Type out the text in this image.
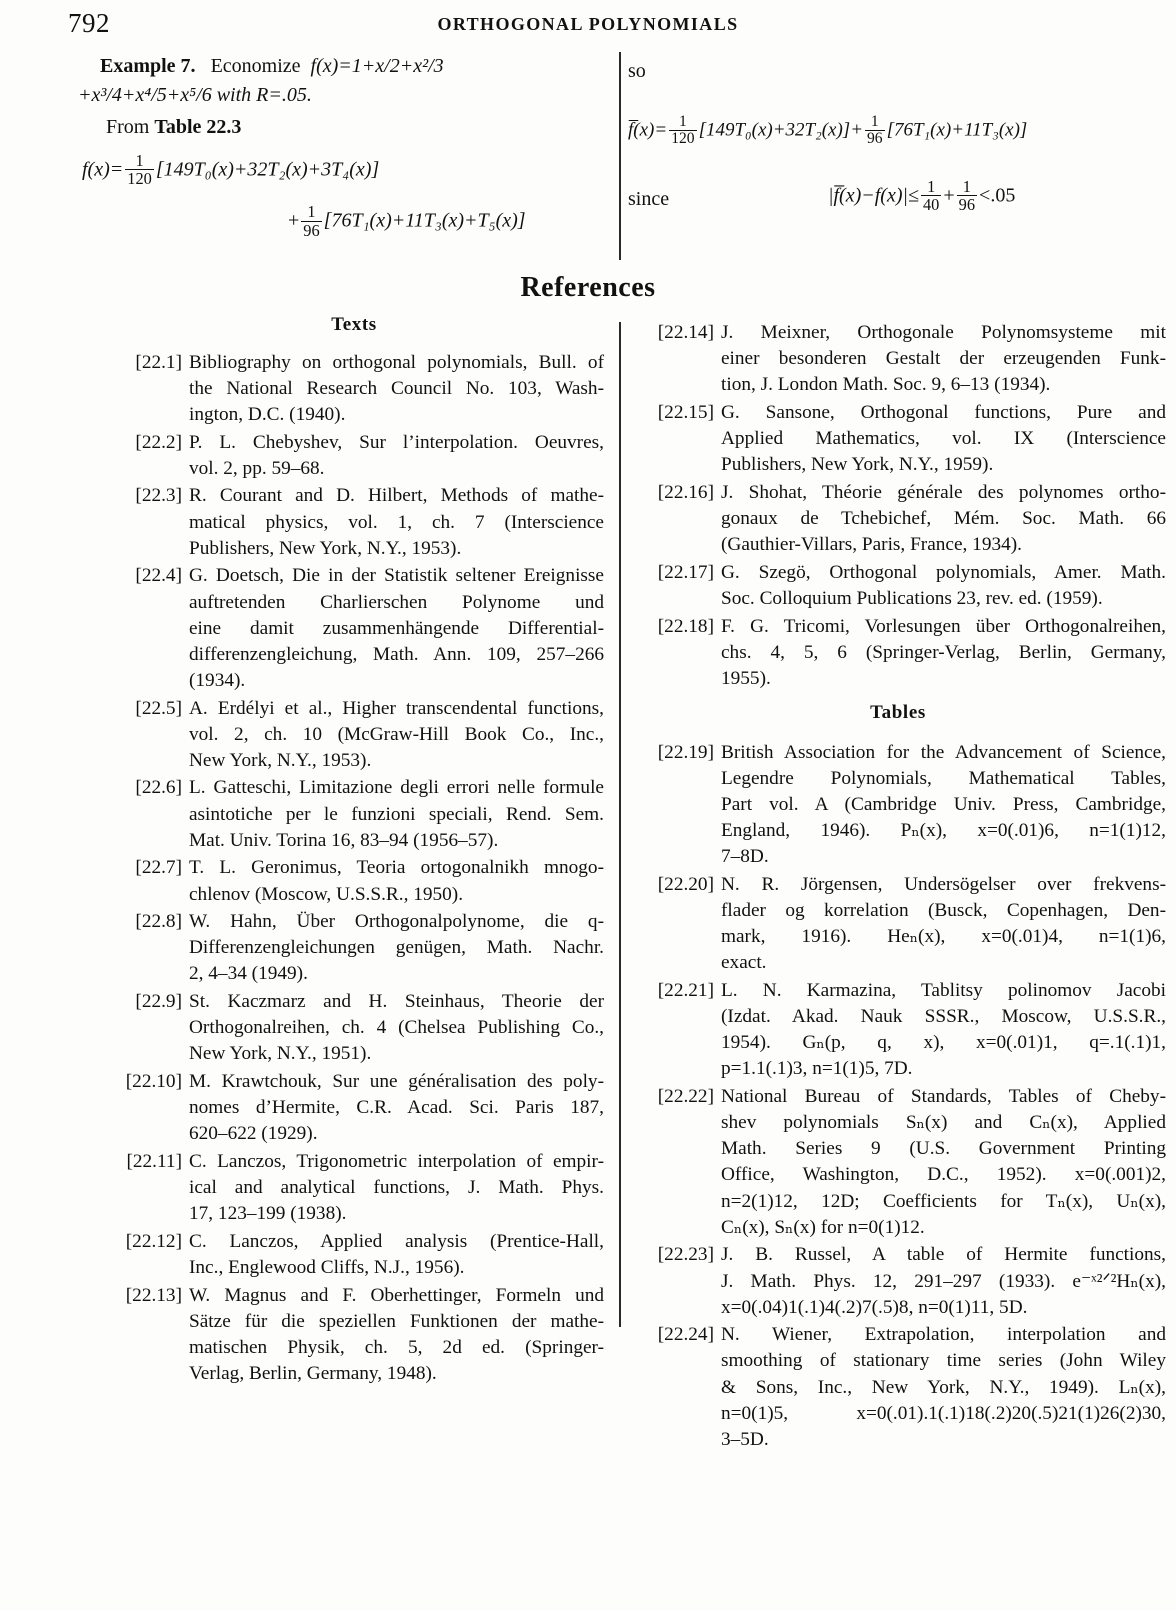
792	ORTHOGONAL POLYNOMIALS
Example 7. Economize f(x)=1+x/2+x²/3
+x³/4+x⁴/5+x⁵/6 with R=.05.
From Table 22.3
$f(x)= \frac{1}{120} [149T_0(x)+32T_2(x)+3T_4(x)]$
+ $\frac{1}{96} [76T_1(x)+11T_3(x)+T_5(x)]$
so
f̅(x)= $\frac{1}{120} [149T_0(x)+32T_2(x)]+ \frac{1}{96} [76T_1(x)+11T_3(x)]$
since	|f̅(x)−f(x)|≤ $\frac{1}{40} + \frac{1}{96} <.05$
References
Texts
[22.1] Bibliography on orthogonal polynomials, Bull. of
the National Research Council No. 103, Wash-
ington, D.C. (1940).
[22.2] P. L. Chebyshev, Sur l’interpolation. Oeuvres,
vol. 2, pp. 59–68.
[22.3] R. Courant and D. Hilbert, Methods of mathe-
matical physics, vol. 1, ch. 7 (Interscience
Publishers, New York, N.Y., 1953).
[22.4] G. Doetsch, Die in der Statistik seltener Ereignisse
auftretenden Charlierschen Polynome und
eine damit zusammenhängende Differential-
differenzengleichung, Math. Ann. 109, 257–266
(1934).
[22.5] A. Erdélyi et al., Higher transcendental functions,
vol. 2, ch. 10 (McGraw-Hill Book Co., Inc.,
New York, N.Y., 1953).
[22.6] L. Gatteschi, Limitazione degli errori nelle formule
asintotiche per le funzioni speciali, Rend. Sem.
Mat. Univ. Torina 16, 83–94 (1956–57).
[22.7] T. L. Geronimus, Teoria ortogonalnikh mnogo-
chlenov (Moscow, U.S.S.R., 1950).
[22.8] W. Hahn, Über Orthogonalpolynome, die q-
Differenzengleichungen genügen, Math. Nachr.
2, 4–34 (1949).
[22.9] St. Kaczmarz and H. Steinhaus, Theorie der
Orthogonalreihen, ch. 4 (Chelsea Publishing Co.,
New York, N.Y., 1951).
[22.10] M. Krawtchouk, Sur une généralisation des poly-
nomes d’Hermite, C.R. Acad. Sci. Paris 187,
620–622 (1929).
[22.11] C. Lanczos, Trigonometric interpolation of empir-
ical and analytical functions, J. Math. Phys.
17, 123–199 (1938).
[22.12] C. Lanczos, Applied analysis (Prentice-Hall,
Inc., Englewood Cliffs, N.J., 1956).
[22.13] W. Magnus and F. Oberhettinger, Formeln und
Sätze für die speziellen Funktionen der mathe-
matischen Physik, ch. 5, 2d ed. (Springer-
Verlag, Berlin, Germany, 1948).
[22.14] J. Meixner, Orthogonale Polynomsysteme mit
einer besonderen Gestalt der erzeugenden Funk-
tion, J. London Math. Soc. 9, 6–13 (1934).
[22.15] G. Sansone, Orthogonal functions, Pure and
Applied Mathematics, vol. IX (Interscience
Publishers, New York, N.Y., 1959).
[22.16] J. Shohat, Théorie générale des polynomes ortho-
gonaux de Tchebichef, Mém. Soc. Math. 66
(Gauthier-Villars, Paris, France, 1934).
[22.17] G. Szegö, Orthogonal polynomials, Amer. Math.
Soc. Colloquium Publications 23, rev. ed. (1959).
[22.18] F. G. Tricomi, Vorlesungen über Orthogonalreihen,
chs. 4, 5, 6 (Springer-Verlag, Berlin, Germany,
1955).
Tables
[22.19] British Association for the Advancement of Science,
Legendre Polynomials, Mathematical Tables,
Part vol. A (Cambridge Univ. Press, Cambridge,
England, 1946). Pₙ(x), x=0(.01)6, n=1(1)12,
7–8D.
[22.20] N. R. Jörgensen, Undersögelser over frekvens-
flader og korrelation (Busck, Copenhagen, Den-
mark, 1916). Heₙ(x), x=0(.01)4, n=1(1)6,
exact.
[22.21] L. N. Karmazina, Tablitsy polinomov Jacobi
(Izdat. Akad. Nauk SSSR., Moscow, U.S.S.R.,
1954). Gₙ(p, q, x), x=0(.01)1, q=.1(.1)1,
p=1.1(.1)3, n=1(1)5, 7D.
[22.22] National Bureau of Standards, Tables of Cheby-
shev polynomials Sₙ(x) and Cₙ(x), Applied
Math. Series 9 (U.S. Government Printing
Office, Washington, D.C., 1952). x=0(.001)2,
n=2(1)12, 12D; Coefficients for Tₙ(x), Uₙ(x),
Cₙ(x), Sₙ(x) for n=0(1)12.
[22.23] J. B. Russel, A table of Hermite functions,
J. Math. Phys. 12, 291–297 (1933). e⁻ˣ²ᐟ²Hₙ(x),
x=0(.04)1(.1)4(.2)7(.5)8, n=0(1)11, 5D.
[22.24] N. Wiener, Extrapolation, interpolation and
smoothing of stationary time series (John Wiley
& Sons, Inc., New York, N.Y., 1949). Lₙ(x),
n=0(1)5, x=0(.01).1(.1)18(.2)20(.5)21(1)26(2)30,
3–5D.
